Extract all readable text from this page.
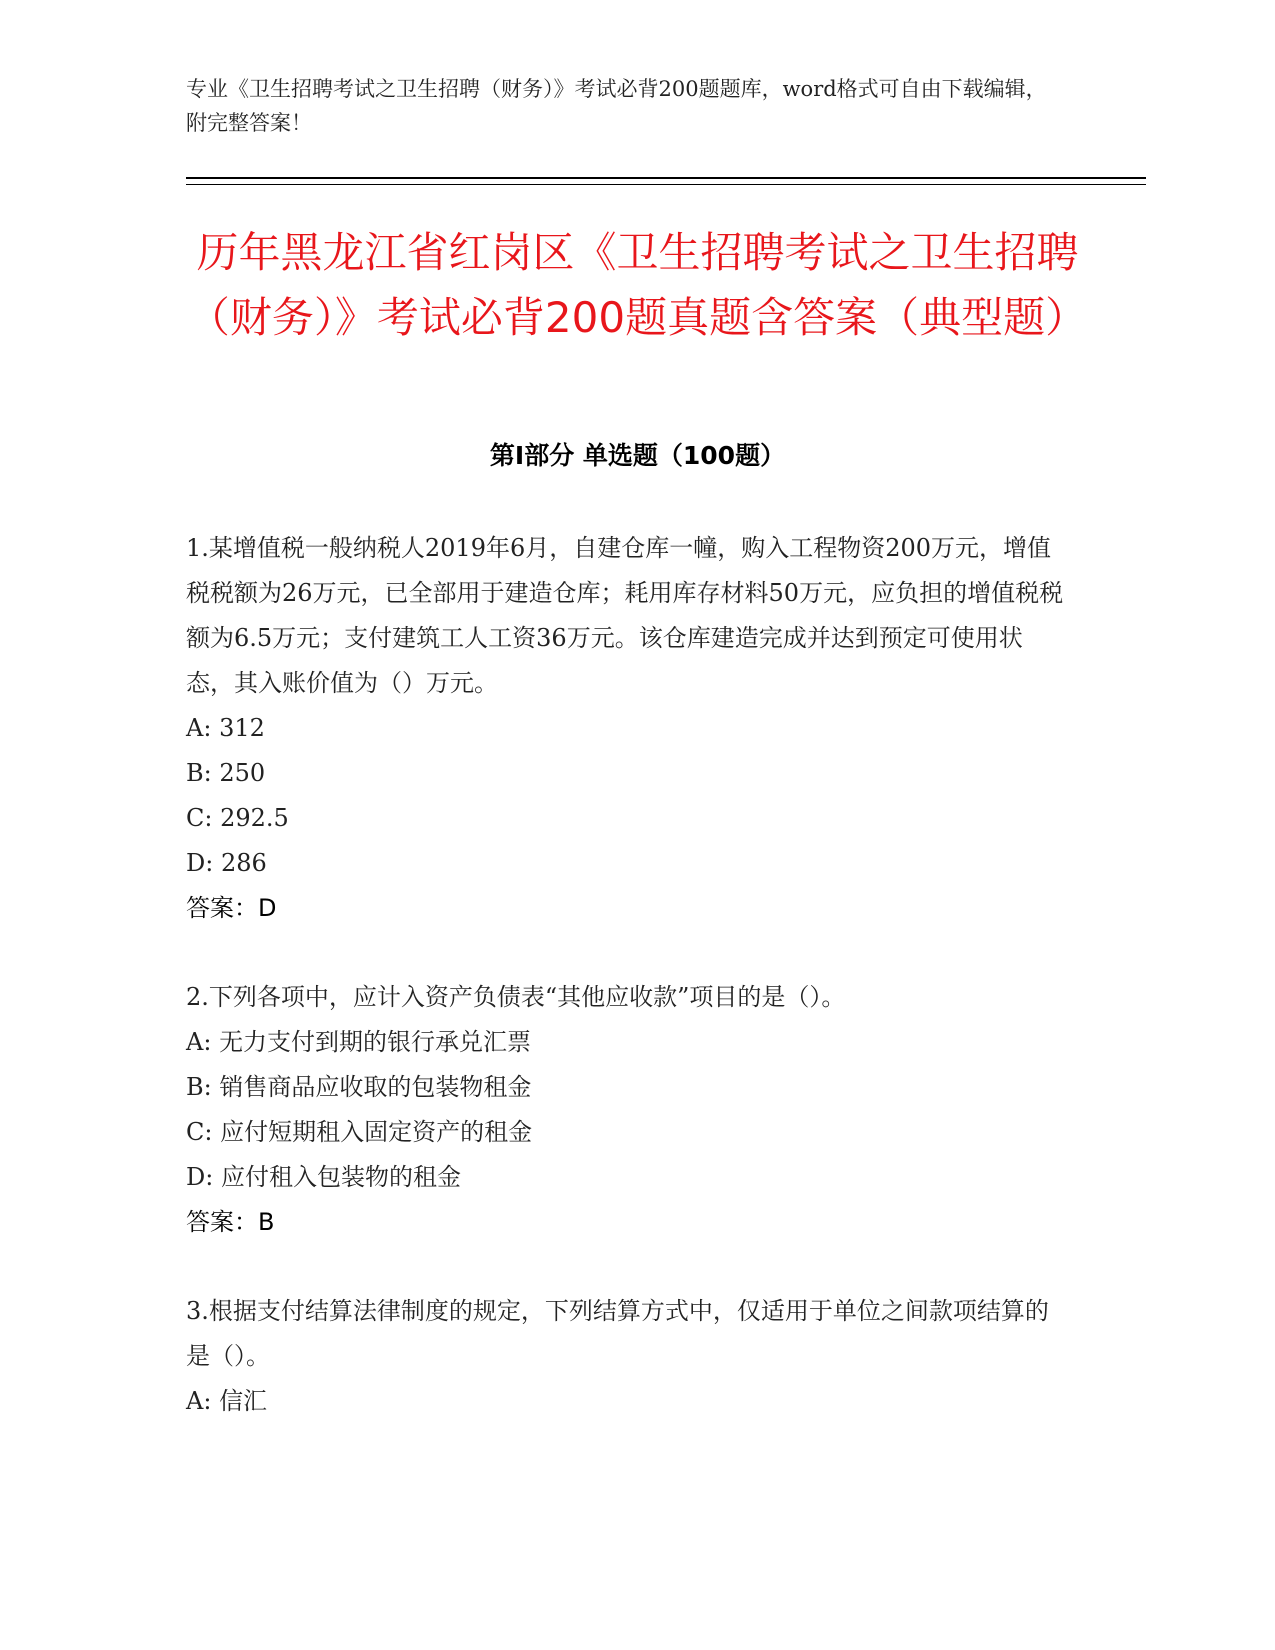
专业《卫生招聘考试之卫生招聘（财务）》考试必背200题题库，word格式可自由下载编辑，附完整答案！
历年黑龙江省红岗区《卫生招聘考试之卫生招聘（财务）》考试必背200题真题含答案（典型题）
第Ⅰ部分 单选题（100题）

1.某增值税一般纳税人2019年6月，自建仓库一幢，购入工程物资200万元，增值税税额为26万元，已全部用于建造仓库；耗用库存材料50万元，应负担的增值税税额为6.5万元；支付建筑工人工资36万元。该仓库建造完成并达到预定可使用状态，其入账价值为（）万元。

A: 312

B: 250

C: 292.5

D: 286

答案：D

2.下列各项中，应计入资产负债表“其他应收款”项目的是（）。

A: 无力支付到期的银行承兑汇票

B: 销售商品应收取的包装物租金

C: 应付短期租入固定资产的租金

D: 应付租入包装物的租金

答案：B

3.根据支付结算法律制度的规定，下列结算方式中，仅适用于单位之间款项结算的是（）。

A: 信汇
